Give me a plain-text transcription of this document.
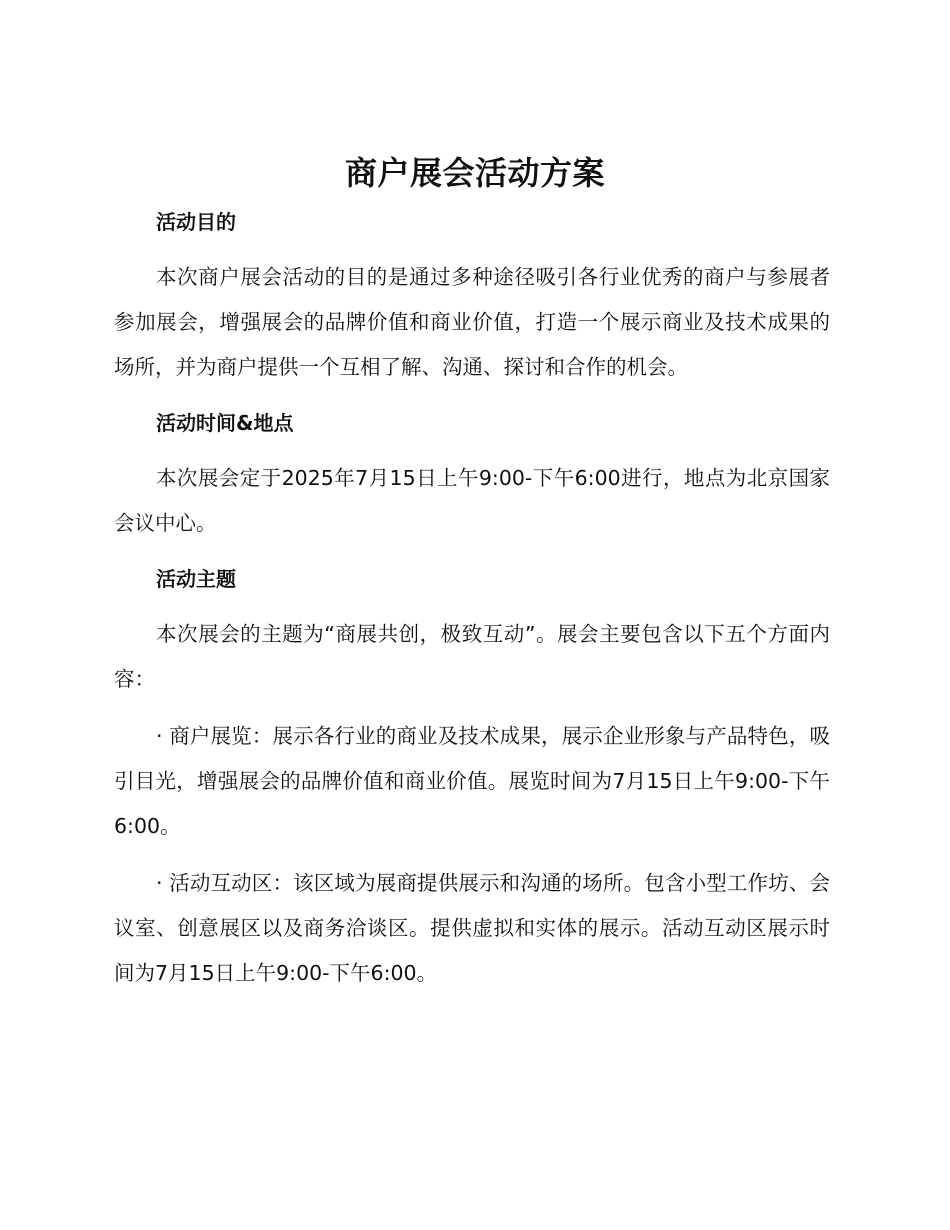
商户展会活动方案
活动目的

本次商户展会活动的目的是通过多种途径吸引各行业优秀的商户与参展者参加展会，增强展会的品牌价值和商业价值，打造一个展示商业及技术成果的场所，并为商户提供一个互相了解、沟通、探讨和合作的机会。

活动时间&地点

本次展会定于2025年7月15日上午9:00-下午6:00进行，地点为北京国家会议中心。

活动主题

本次展会的主题为“商展共创，极致互动”。展会主要包含以下五个方面内容：

· 商户展览：展示各行业的商业及技术成果，展示企业形象与产品特色，吸引目光，增强展会的品牌价值和商业价值。展览时间为7月15日上午9:00-下午6:00。

· 活动互动区：该区域为展商提供展示和沟通的场所。包含小型工作坊、会议室、创意展区以及商务洽谈区。提供虚拟和实体的展示。活动互动区展示时间为7月15日上午9:00-下午6:00。
